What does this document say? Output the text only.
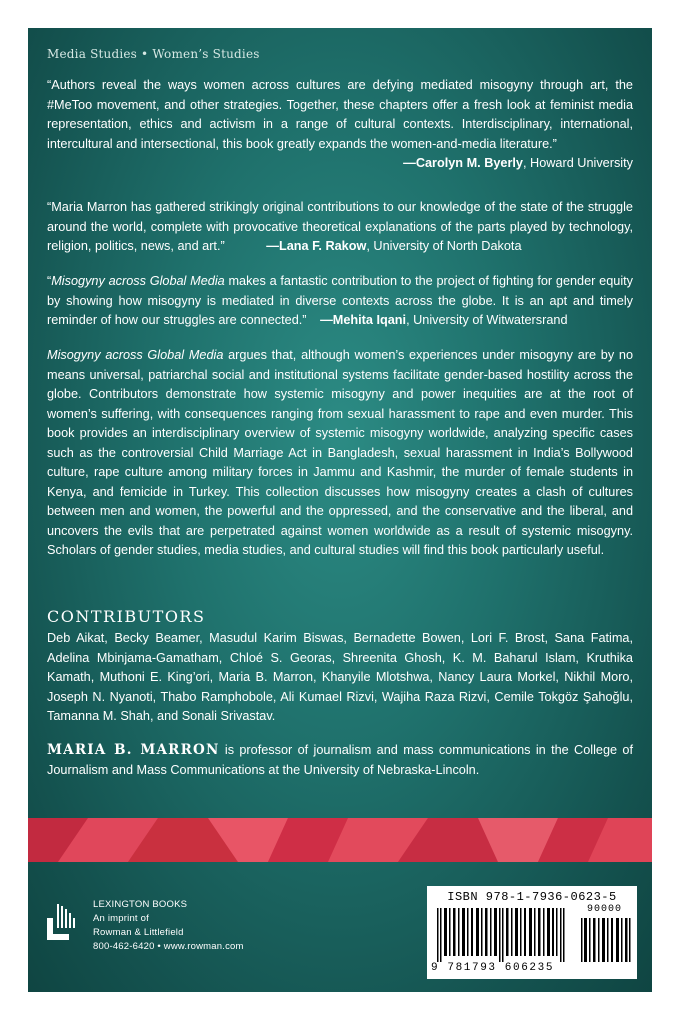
Media Studies • Women’s Studies
“Authors reveal the ways women across cultures are defying mediated misogyny through art, the #MeToo movement, and other strategies. Together, these chapters offer a fresh look at feminist media representation, ethics and activism in a range of cultural contexts. Interdisciplinary, international, intercultural and intersectional, this book greatly expands the women-and-media literature.”
—Carolyn M. Byerly, Howard University
“Maria Marron has gathered strikingly original contributions to our knowledge of the state of the struggle around the world, complete with provocative theoretical explanations of the parts played by technology, religion, politics, news, and art.”	—Lana F. Rakow, University of North Dakota
“Misogyny across Global Media makes a fantastic contribution to the project of fighting for gender equity by showing how misogyny is mediated in diverse contexts across the globe. It is an apt and timely reminder of how our struggles are connected.” —Mehita Iqani, University of Witwatersrand
Misogyny across Global Media argues that, although women’s experiences under misogyny are by no means universal, patriarchal social and institutional systems facilitate gender-based hostility across the globe. Contributors demonstrate how systemic misogyny and power inequities are at the root of women’s suffering, with consequences ranging from sexual harassment to rape and even murder. This book provides an interdisciplinary overview of systemic misogyny worldwide, analyzing specific cases such as the controversial Child Marriage Act in Bangladesh, sexual harassment in India’s Bollywood culture, rape culture among military forces in Jammu and Kashmir, the murder of female students in Kenya, and femicide in Turkey. This collection discusses how misogyny creates a clash of cultures between men and women, the powerful and the oppressed, and the conservative and the liberal, and uncovers the evils that are perpetrated against women worldwide as a result of systemic misogyny. Scholars of gender studies, media studies, and cultural studies will find this book particularly useful.
CONTRIBUTORS
Deb Aikat, Becky Beamer, Masudul Karim Biswas, Bernadette Bowen, Lori F. Brost, Sana Fatima, Adelina Mbinjama-Gamatham, Chloé S. Georas, Shreenita Ghosh, K. M. Baharul Islam, Kruthika Kamath, Muthoni E. King’ori, Maria B. Marron, Khanyile Mlotshwa, Nancy Laura Morkel, Nikhil Moro, Joseph N. Nyanoti, Thabo Ramphobole, Ali Kumael Rizvi, Wajiha Raza Rizvi, Cemile Tokgöz Şahoğlu, Tamanna M. Shah, and Sonali Srivastav.
MARIA B. MARRON is professor of journalism and mass communications in the College of Journalism and Mass Communications at the University of Nebraska-Lincoln.
LEXINGTON BOOKS
An imprint of
Rowman & Littlefield
800-462-6420 • www.rowman.com
ISBN 978-1-7936-0623-5
90000
9 781793 606235
